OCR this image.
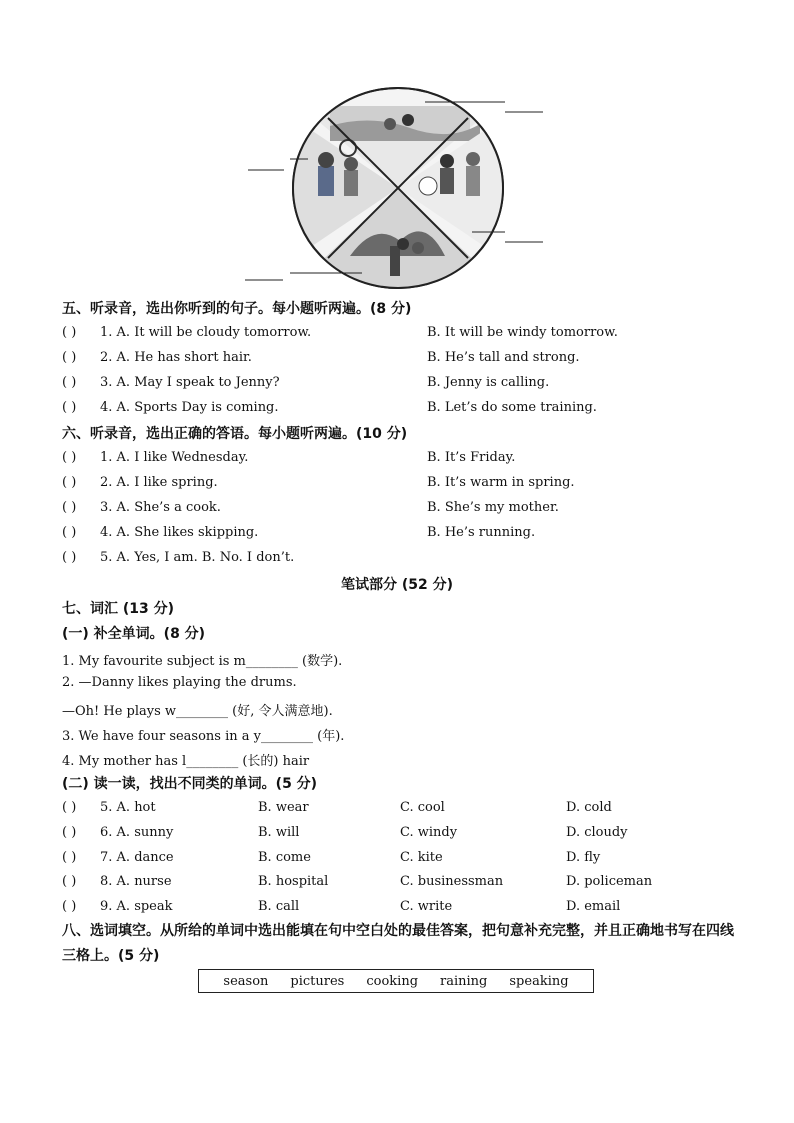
五、听录音，选出你听到的句子。每小题听两遍。(8 分)
( ) 1. A. It will be cloudy tomorrow.	B. It will be windy tomorrow.
( ) 2. A. He has short hair.	B. He’s tall and strong.
( ) 3. A. May I speak to Jenny?	B. Jenny is calling.
( ) 4. A. Sports Day is coming.	B. Let’s do some training.
六、听录音，选出正确的答语。每小题听两遍。(10 分)
( ) 1. A. I like Wednesday.	B. It’s Friday.
( ) 2. A. I like spring.	B. It’s warm in spring.
( ) 3. A. She’s a cook.	B. She’s my mother.
( ) 4. A. She likes skipping.	B. He’s running.
( ) 5. A. Yes, I am. B. No. I don’t.
笔试部分 (52 分)
七、词汇 (13 分)
(一) 补全单词。(8 分)
1. My favourite subject is m________ (数学).
2. —Danny likes playing the drums.
—Oh! He plays w________ (好, 令人满意地).
3. We have four seasons in a y________ (年).
4. My mother has l________ (长的) hair
(二) 读一读，找出不同类的单词。(5 分)
( ) 5. A. hot	B. wear	C. cool	D. cold
( ) 6. A. sunny	B. will	C. windy	D. cloudy
( ) 7. A. dance	B. come	C. kite	D. fly
( ) 8. A. nurse	B. hospital	C. businessman	D. policeman
( ) 9. A. speak	B. call	C. write	D. email
八、选词填空。从所给的单词中选出能填在句中空白处的最佳答案，把句意补充完整，并且正确地书写在四线三格上。(5 分)
season pictures cooking raining speaking
